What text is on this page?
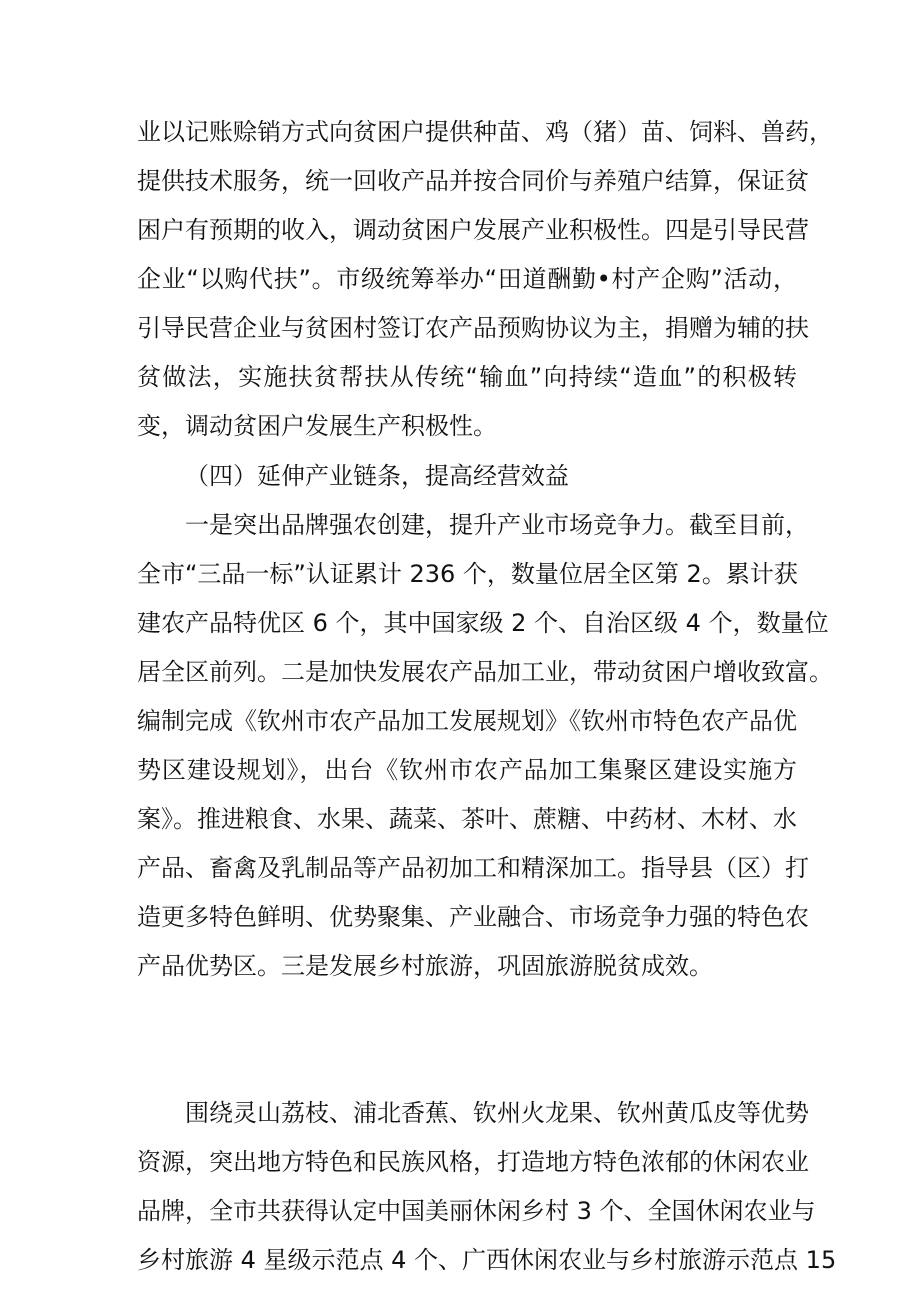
业以记账赊销方式向贫困户提供种苗、鸡（猪）苗、饲料、兽药，
提供技术服务，统一回收产品并按合同价与养殖户结算，保证贫
困户有预期的收入，调动贫困户发展产业积极性。四是引导民营
企业“以购代扶”。市级统筹举办“田道酬勤•村产企购”活动，
引导民营企业与贫困村签订农产品预购协议为主，捐赠为辅的扶
贫做法，实施扶贫帮扶从传统“输血”向持续“造血”的积极转
变，调动贫困户发展生产积极性。
（四）延伸产业链条，提高经营效益
一是突出品牌强农创建，提升产业市场竞争力。截至目前，
全市“三品一标”认证累计 236 个，数量位居全区第 2。累计获
建农产品特优区 6 个，其中国家级 2 个、自治区级 4 个，数量位
居全区前列。二是加快发展农产品加工业，带动贫困户增收致富。
编制完成《钦州市农产品加工发展规划》《钦州市特色农产品优
势区建设规划》，出台《钦州市农产品加工集聚区建设实施方
案》。推进粮食、水果、蔬菜、茶叶、蔗糖、中药材、木材、水
产品、畜禽及乳制品等产品初加工和精深加工。指导县（区）打
造更多特色鲜明、优势聚集、产业融合、市场竞争力强的特色农
产品优势区。三是发展乡村旅游，巩固旅游脱贫成效。
围绕灵山荔枝、浦北香蕉、钦州火龙果、钦州黄瓜皮等优势
资源，突出地方特色和民族风格，打造地方特色浓郁的休闲农业
品牌，全市共获得认定中国美丽休闲乡村 3 个、全国休闲农业与
乡村旅游 4 星级示范点 4 个、广西休闲农业与乡村旅游示范点 15
